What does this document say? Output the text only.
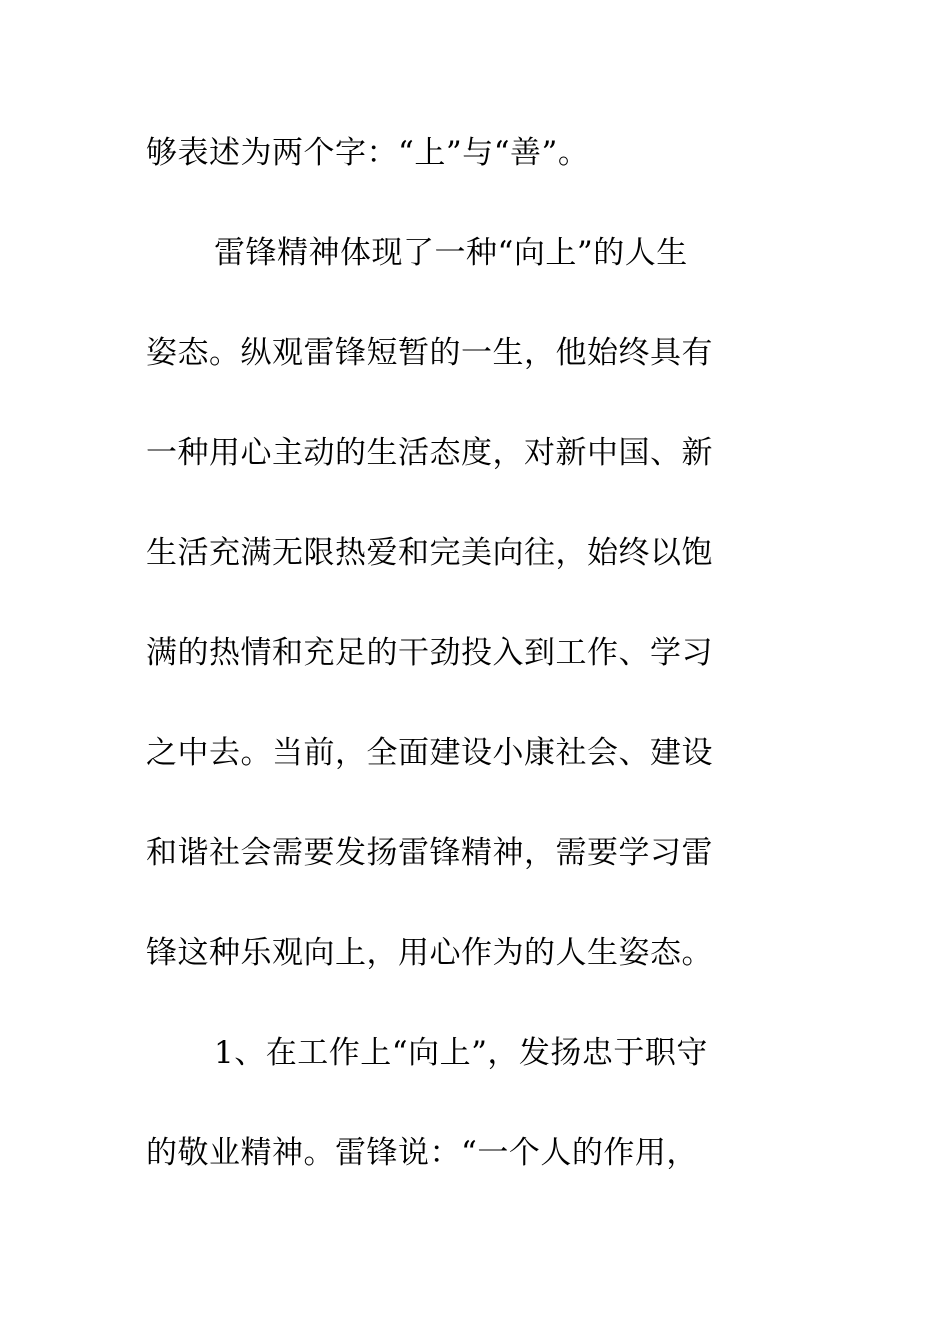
够表述为两个字：“上”与“善”。
雷锋精神体现了一种“向上”的人生
姿态。纵观雷锋短暂的一生，他始终具有
一种用心主动的生活态度，对新中国、新
生活充满无限热爱和完美向往，始终以饱
满的热情和充足的干劲投入到工作、学习
之中去。当前，全面建设小康社会、建设
和谐社会需要发扬雷锋精神，需要学习雷
锋这种乐观向上，用心作为的人生姿态。
1、在工作上“向上”，发扬忠于职守
的敬业精神。雷锋说：“一个人的作用，
